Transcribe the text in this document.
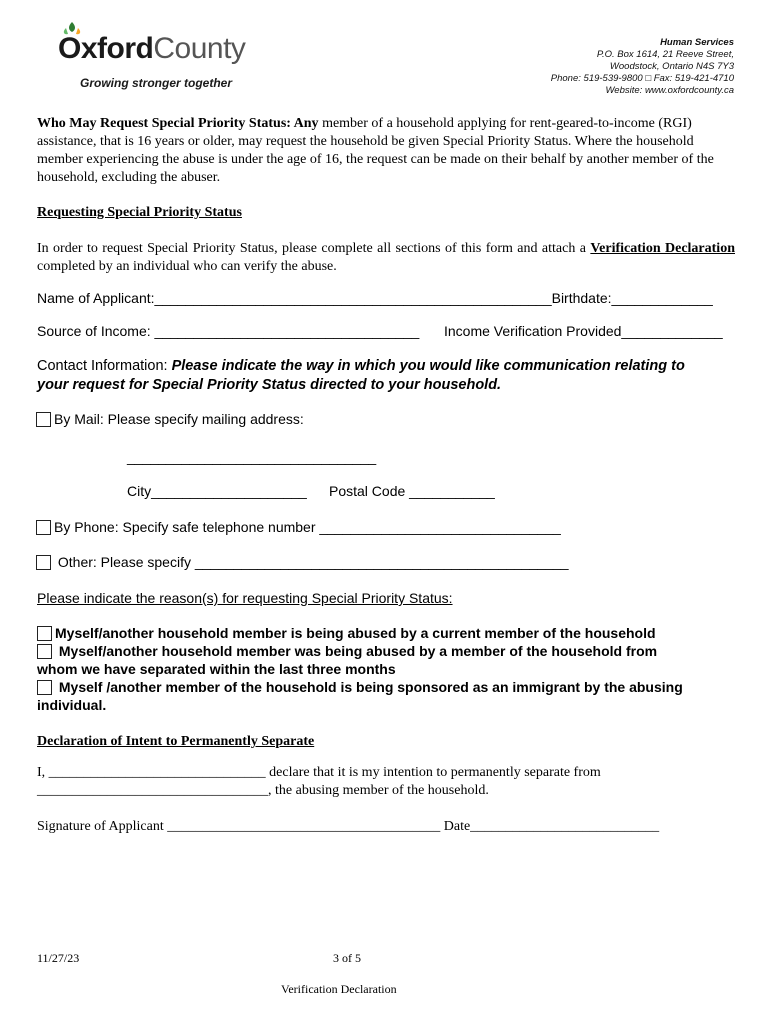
OxfordCounty
Growing stronger together
Human Services
P.O. Box 1614, 21 Reeve Street,
Woodstock, Ontario N4S 7Y3
Phone: 519-539-9800 □ Fax: 519-421-4710
Website: www.oxfordcounty.ca
Who May Request Special Priority Status: Any member of a household applying for rent-geared-to-income (RGI) assistance, that is 16 years or older, may request the household be given Special Priority Status. Where the household member experiencing the abuse is under the age of 16, the request can be made on their behalf by another member of the household, excluding the abuser.
Requesting Special Priority Status
In order to request Special Priority Status, please complete all sections of this form and attach a Verification Declaration completed by an individual who can verify the abuse.
Name of Applicant:___________________________________________________Birthdate:_____________
Source of Income: __________________________________ Income Verification Provided_____________
Contact Information: Please indicate the way in which you would like communication relating to
your request for Special Priority Status directed to your household.
By Mail: Please specify mailing address:
________________________________
City____________________ Postal Code ___________
By Phone: Specify safe telephone number _______________________________
Other: Please specify ________________________________________________
Please indicate the reason(s) for requesting Special Priority Status:
Myself/another household member is being abused by a current member of the household
Myself/another household member was being abused by a member of the household from
whom we have separated within the last three months
Myself /another member of the household is being sponsored as an immigrant by the abusing
individual.
Declaration of Intent to Permanently Separate
I, _______________________________ declare that it is my intention to permanently separate from
_________________________________, the abusing member of the household.
Signature of Applicant _______________________________________ Date___________________________
11/27/23	3 of 5
Verification Declaration
